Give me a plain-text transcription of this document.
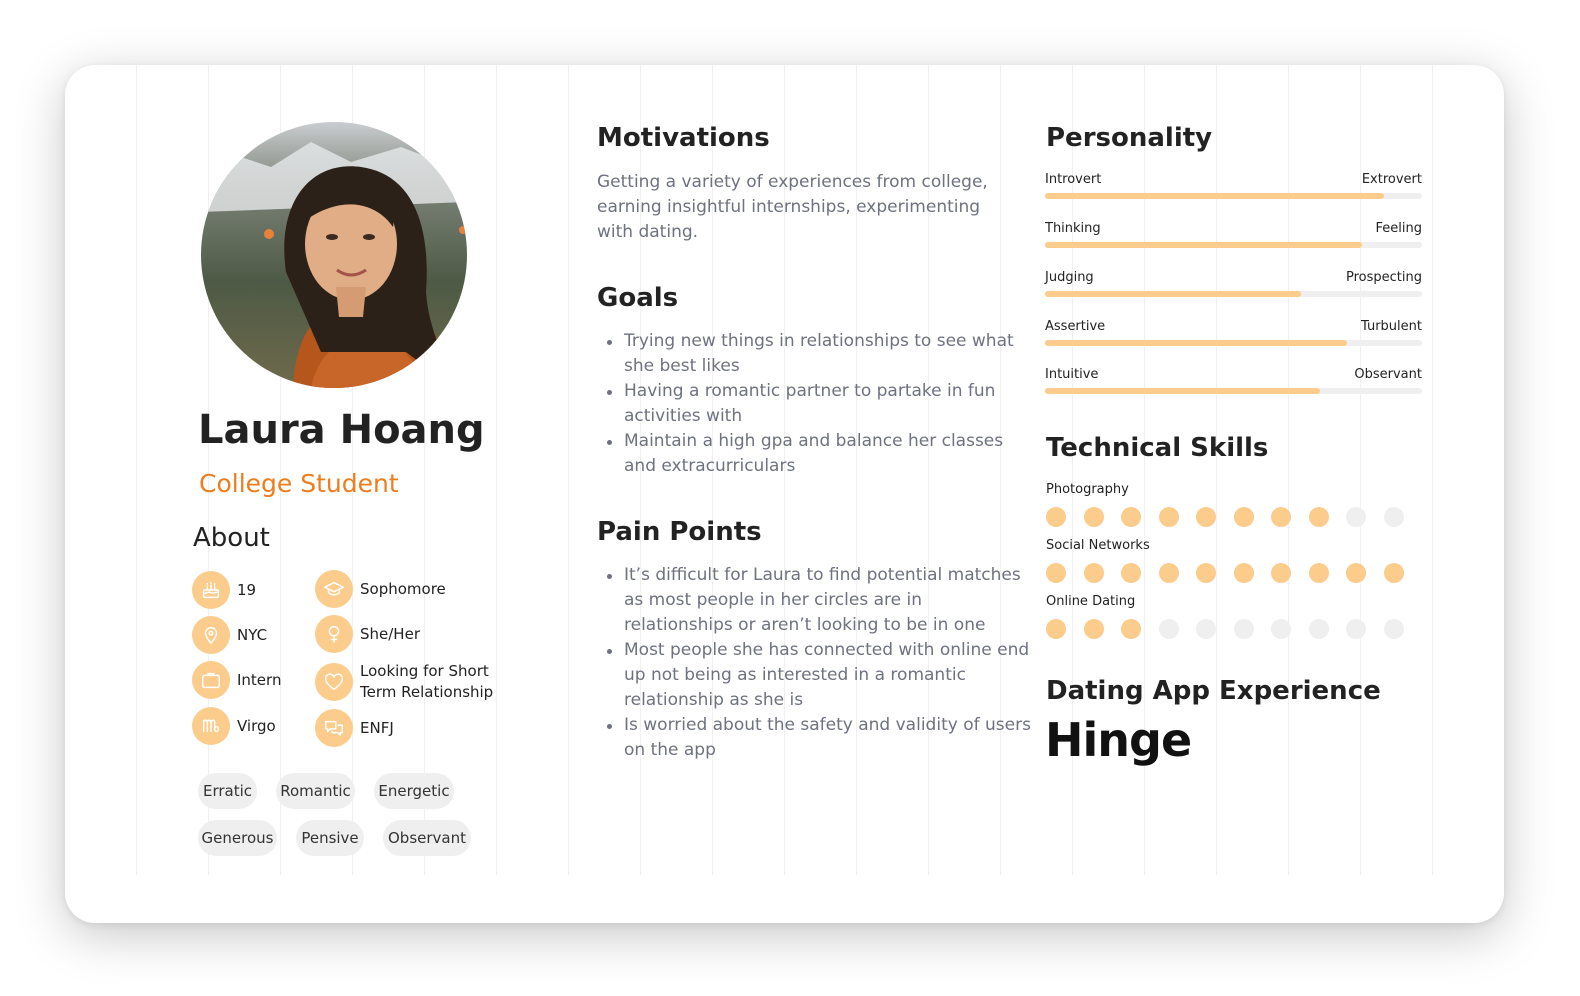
Laura Hoang
College Student
About
19
NYC
Intern
Virgo
Sophomore
She/Her
Looking for Short
Term Relationship
ENFJ
Erratic	Romantic Energetic
Generous	Pensive	Observant
Motivations
Getting a variety of experiences from college,
earning insightful internships, experimenting
with dating.
Goals
Trying new things in relationships to see what
she best likes
Having a romantic partner to partake in fun
activities with
Maintain a high gpa and balance her classes
and extracurriculars
Pain Points
It’s difficult for Laura to find potential matches
as most people in her circles are in
relationships or aren’t looking to be in one
Most people she has connected with online end
up not being as interested in a romantic
relationship as she is
Is worried about the safety and validity of users
on the app
Personality
Introvert	Extrovert
Thinking	Feeling
Judging	Prospecting
Assertive	Turbulent
Intuitive	Observant
Technical Skills
Photography
Social Networks
Online Dating
Dating App Experience
Hinge
